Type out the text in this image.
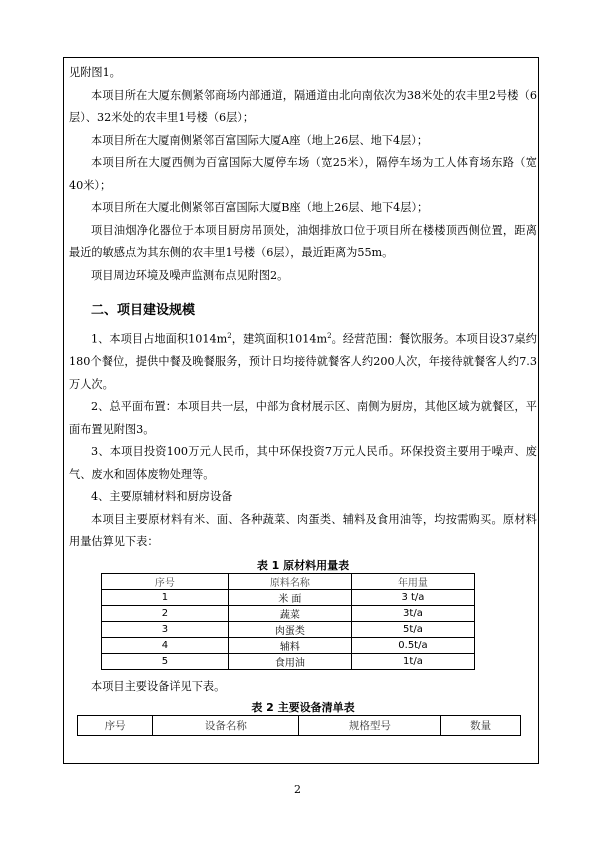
见附图1。

本项目所在大厦东侧紧邻商场内部通道，隔通道由北向南依次为38米处的农丰里2号楼（6层）、32米处的农丰里1号楼（6层）；

本项目所在大厦南侧紧邻百富国际大厦A座（地上26层、地下4层）；

本项目所在大厦西侧为百富国际大厦停车场（宽25米），隔停车场为工人体育场东路（宽40米）；

本项目所在大厦北侧紧邻百富国际大厦B座（地上26层、地下4层）；

项目油烟净化器位于本项目厨房吊顶处，油烟排放口位于项目所在楼楼顶西侧位置，距离最近的敏感点为其东侧的农丰里1号楼（6层），最近距离为55m。

项目周边环境及噪声监测布点见附图2。

二、项目建设规模

1、本项目占地面积$1014m^2$，建筑面积$1014m^2$。经营范围：餐饮服务。本项目设37桌约180个餐位，提供中餐及晚餐服务，预计日均接待就餐客人约200人次，年接待就餐客人约7.3万人次。

2、总平面布置：本项目共一层，中部为食材展示区、南侧为厨房，其他区域为就餐区，平面布置见附图3。

3、本项目投资100万元人民币，其中环保投资7万元人民币。环保投资主要用于噪声、废气、废水和固体废物处理等。

4、主要原辅材料和厨房设备

本项目主要原材料有米、面、各种蔬菜、肉蛋类、辅料及食用油等，均按需购买。原材料用量估算见下表：

表 1 原材料用量表
序号	原料名称	年用量
1	米 面	3 t/a
2	蔬菜	3t/a
3	肉蛋类	5t/a
4	辅料	0.5t/a
5	食用油	1t/a

本项目主要设备详见下表。

表 2 主要设备清单表
序号	设备名称	规格型号	数量
2
